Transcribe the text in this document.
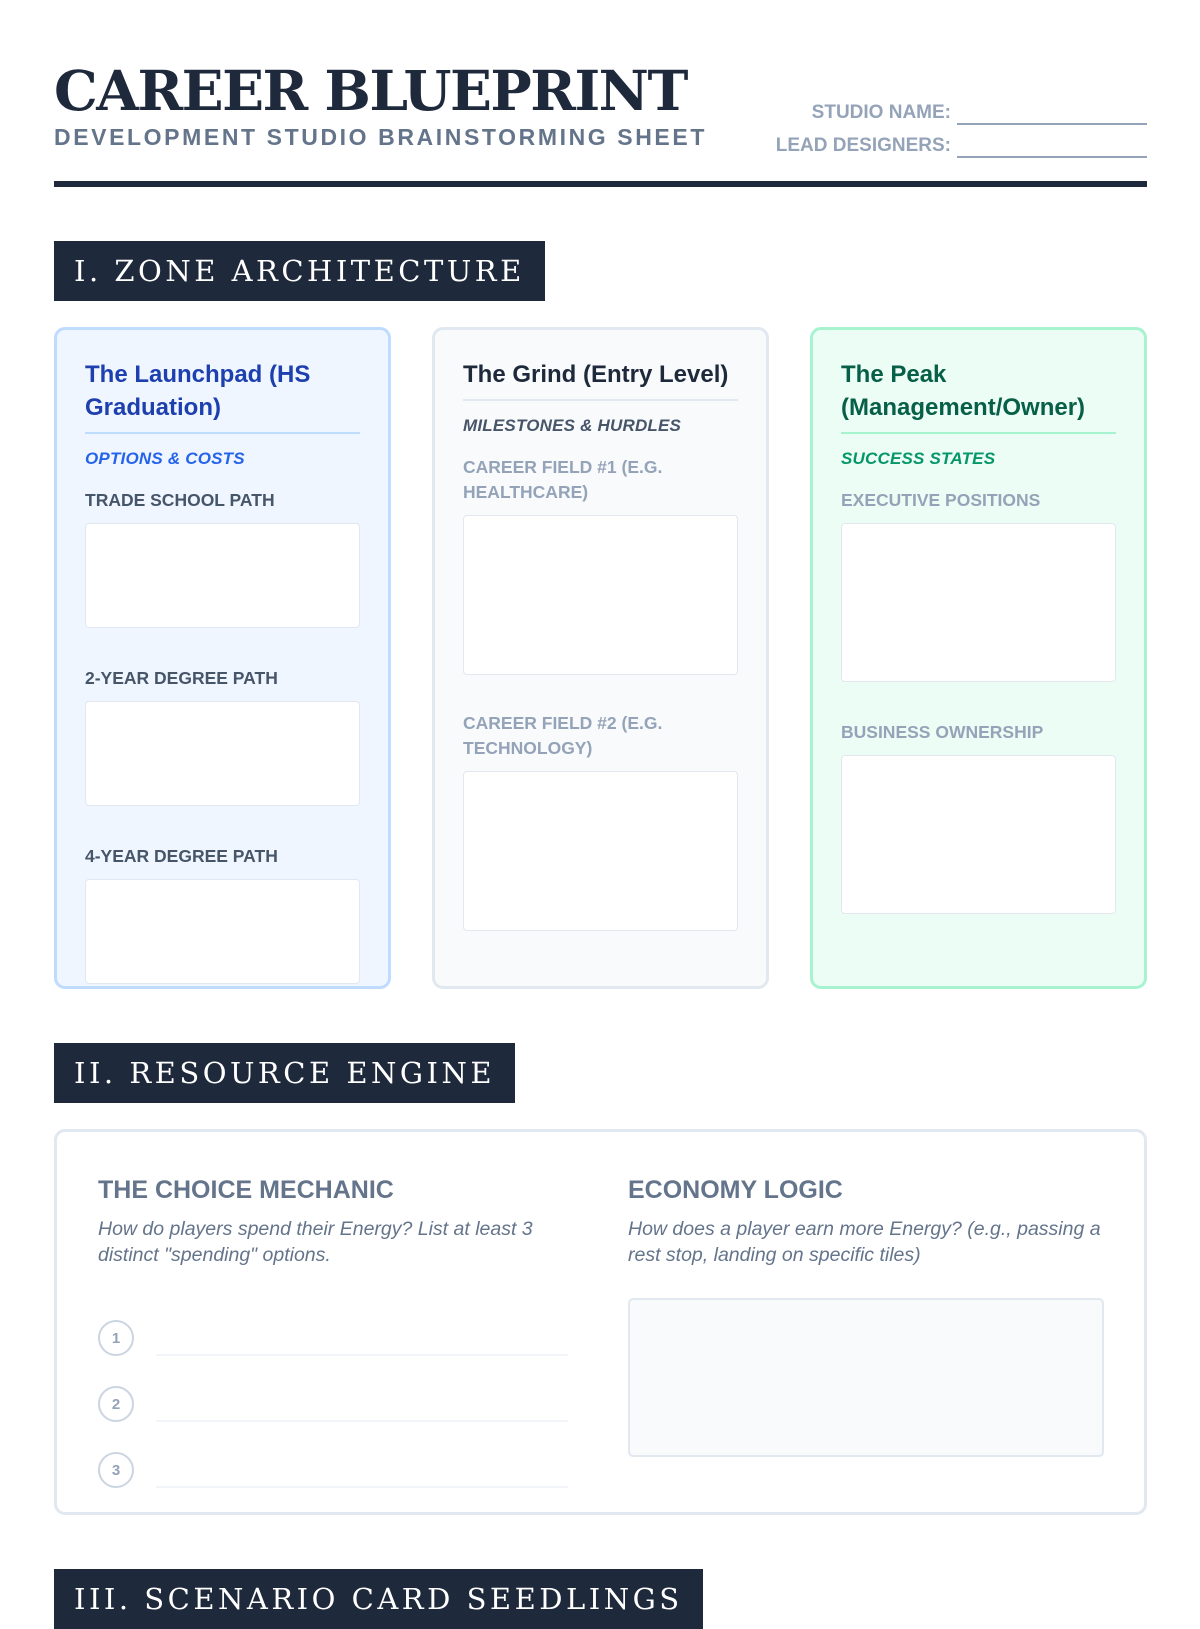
CAREER BLUEPRINT
DEVELOPMENT STUDIO BRAINSTORMING SHEET
STUDIO NAME:
LEAD DESIGNERS:
I. ZONE ARCHITECTURE
The Launchpad (HS Graduation)
OPTIONS & COSTS
TRADE SCHOOL PATH
2-YEAR DEGREE PATH
4-YEAR DEGREE PATH
The Grind (Entry Level)
MILESTONES & HURDLES
CAREER FIELD #1 (E.G. HEALTHCARE)
CAREER FIELD #2 (E.G. TECHNOLOGY)
The Peak (Management/Owner)
SUCCESS STATES
EXECUTIVE POSITIONS
BUSINESS OWNERSHIP
II. RESOURCE ENGINE
THE CHOICE MECHANIC
How do players spend their Energy? List at least 3 distinct "spending" options.
1
2
3
ECONOMY LOGIC
How does a player earn more Energy? (e.g., passing a rest stop, landing on specific tiles)
III. SCENARIO CARD SEEDLINGS
